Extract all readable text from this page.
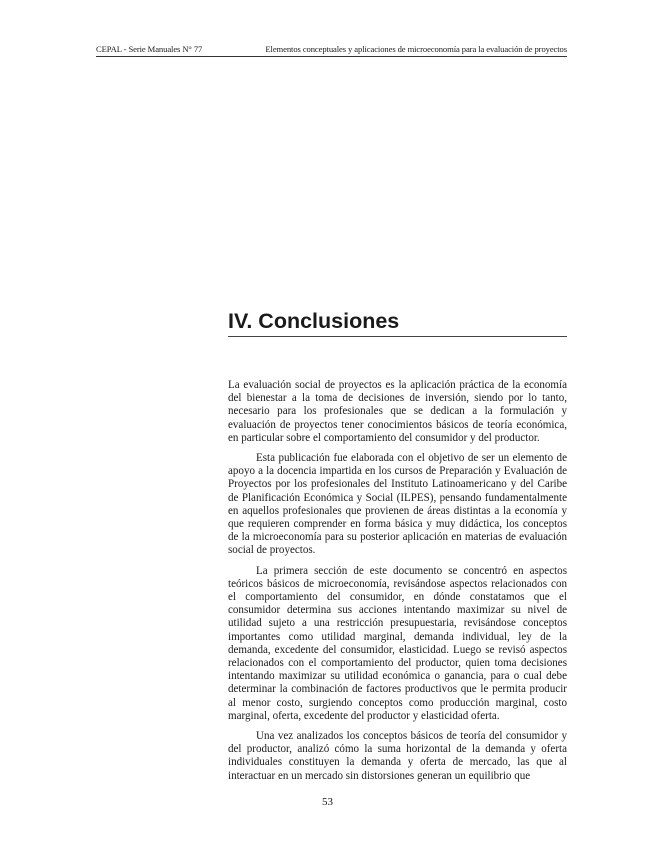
CEPAL - Serie Manuales N° 77	Elementos conceptuales y aplicaciones de microeconomía para la evaluación de proyectos
IV. Conclusiones

La evaluación social de proyectos es la aplicación práctica de la economía del bienestar a la toma de decisiones de inversión, siendo por lo tanto, necesario para los profesionales que se dedican a la formulación y evaluación de proyectos tener conocimientos básicos de teoría económica, en particular sobre el comportamiento del consumidor y del productor.

Esta publicación fue elaborada con el objetivo de ser un elemento de apoyo a la docencia impartida en los cursos de Preparación y Evaluación de Proyectos por los profesionales del Instituto Latinoamericano y del Caribe de Planificación Económica y Social (ILPES), pensando fundamentalmente en aquellos profesionales que provienen de áreas distintas a la economía y que requieren comprender en forma básica y muy didáctica, los conceptos de la microeconomía para su posterior aplicación en materias de evaluación social de proyectos.

La primera sección de este documento se concentró en aspectos teóricos básicos de microeconomía, revisándose aspectos relacionados con el comportamiento del consumidor, en dónde constatamos que el consumidor determina sus acciones intentando maximizar su nivel de utilidad sujeto a una restricción presupuestaria, revisándose conceptos importantes como utilidad marginal, demanda individual, ley de la demanda, excedente del consumidor, elasticidad. Luego se revisó aspectos relacionados con el comportamiento del productor, quien toma decisiones intentando maximizar su utilidad económica o ganancia, para o cual debe determinar la combinación de factores productivos que le permita producir al menor costo, surgiendo conceptos como producción marginal, costo marginal, oferta, excedente del productor y elasticidad oferta.

Una vez analizados los conceptos básicos de teoría del consumidor y del productor, analizó cómo la suma horizontal de la demanda y oferta individuales constituyen la demanda y oferta de mercado, las que al interactuar en un mercado sin distorsiones generan un equilibrio que

53
